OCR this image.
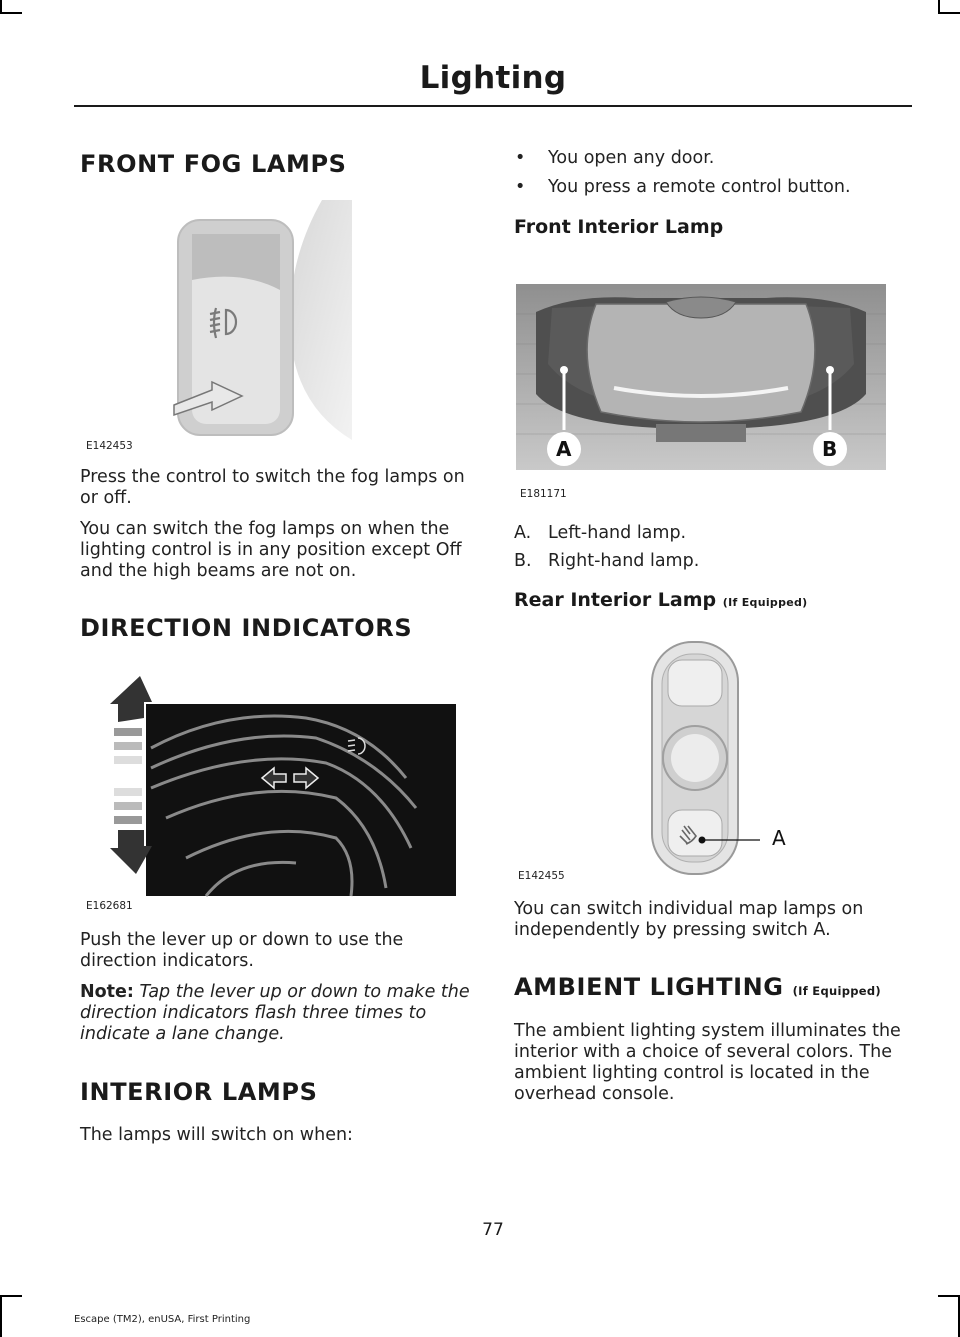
Lighting
FRONT FOG LAMPS
E142453

Press the control to switch the fog lamps on or off.

You can switch the fog lamps on when the lighting control is in any position except Off and the high beams are not on.

DIRECTION INDICATORS
E162681

Push the lever up or down to use the direction indicators.

Note: Tap the lever up or down to make the direction indicators flash three times to indicate a lane change.

INTERIOR LAMPS

The lamps will switch on when:

• You open any door.
• You press a remote control button.
Front Interior Lamp
A	B
E181171

A. Left-hand lamp.

B. Right-hand lamp.

Rear Interior Lamp (If Equipped)
A
E142455

You can switch individual map lamps on independently by pressing switch A.

AMBIENT LIGHTING (If Equipped)

The ambient lighting system illuminates the interior with a choice of several colors. The ambient lighting control is located in the overhead console.

77
Escape (TM2), enUSA, First Printing
